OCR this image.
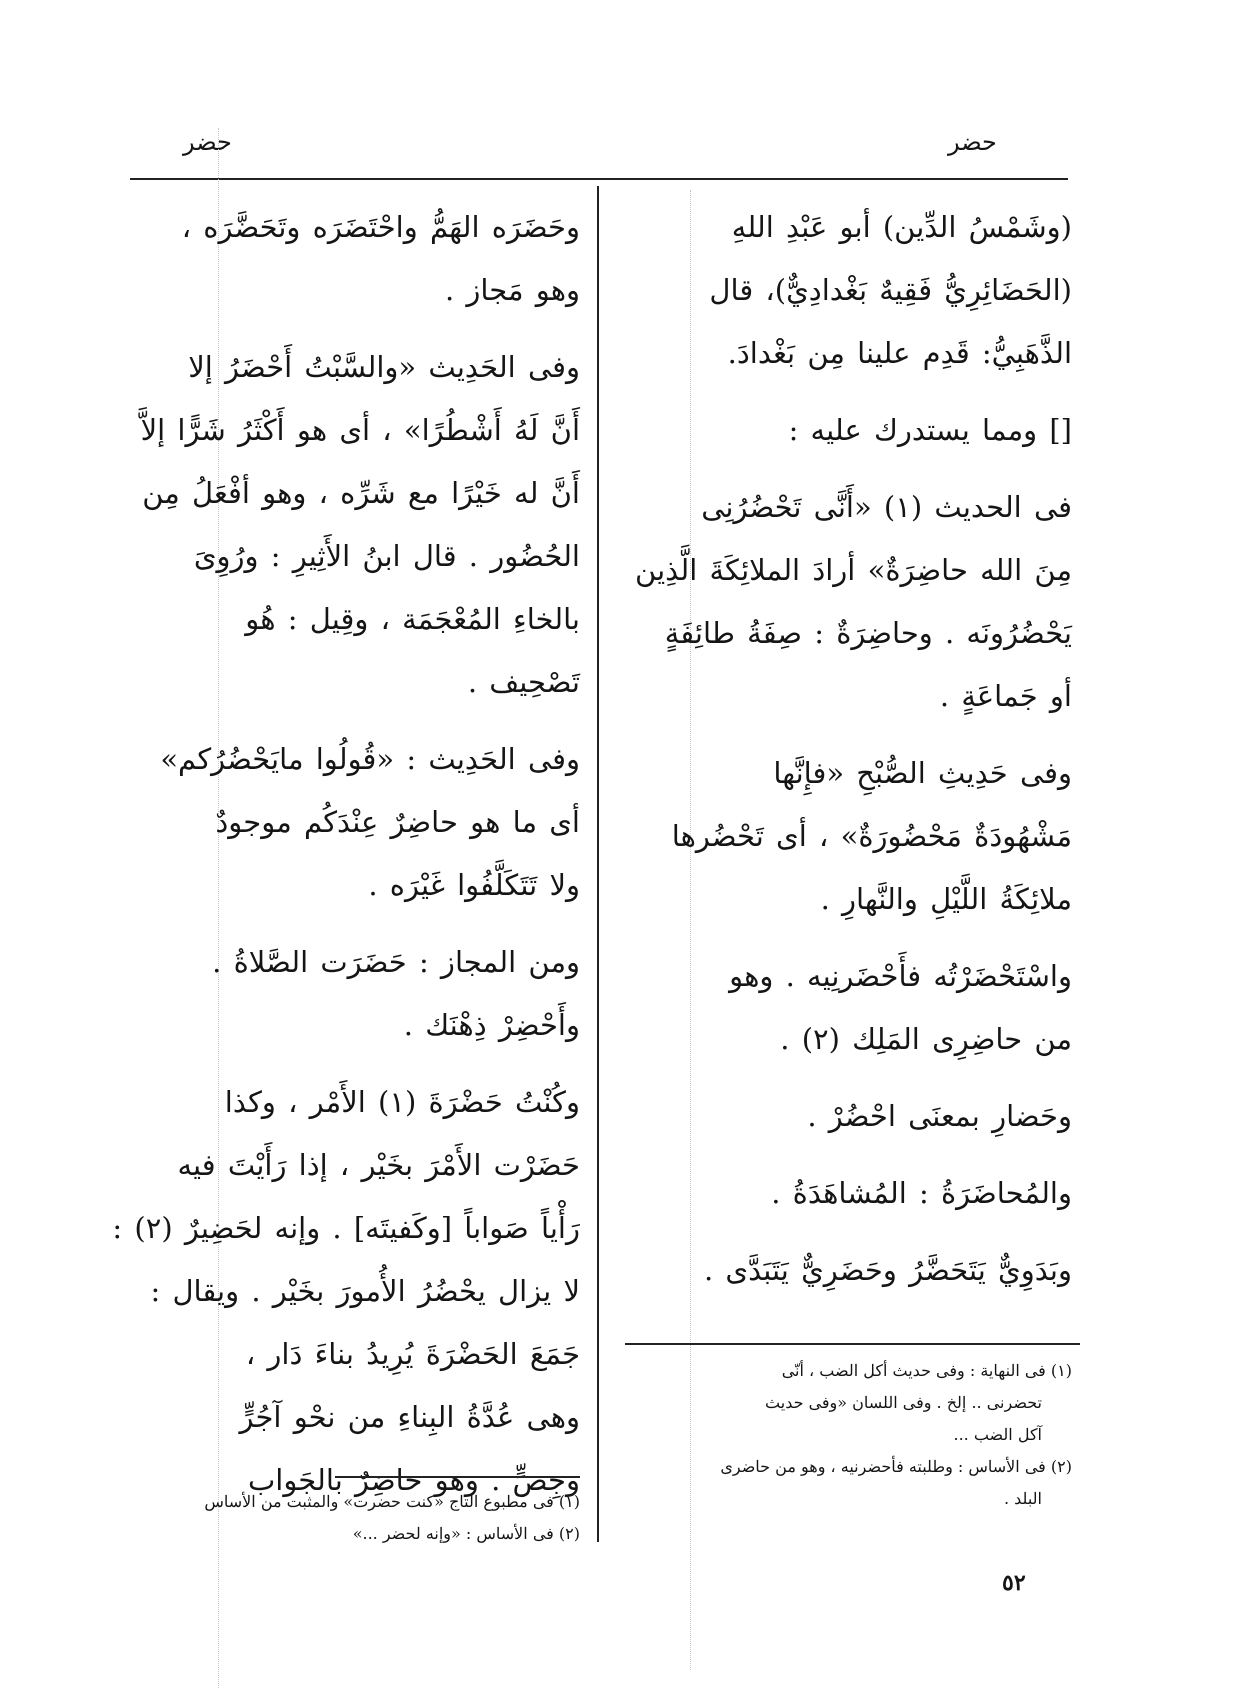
حضر
حضر
(وشَمْسُ الدِّين) أبو عَبْدِ اللهِ
(الحَضَائِرِيُّ فَقِيهٌ بَغْدادِيٌّ)، قال
الذَّهَبِيُّ: قَدِم علينا مِن بَغْدادَ.
[] ومما يستدرك عليه :
فى الحديث (١) «أَنَّى تَحْضُرُنِى
مِنَ الله حاضِرَةٌ» أرادَ الملائِكَةَ الَّذِين
يَحْضُرُونَه . وحاضِرَةٌ : صِفَةُ طائِفَةٍ
أو جَماعَةٍ .
وفى حَدِيثِ الصُّبْحِ «فإِنَّها
مَشْهُودَةٌ مَحْضُورَةٌ» ، أى تَحْضُرها
ملائِكَةُ اللَّيْلِ والنَّهارِ .
واسْتَحْضَرْتُه فأَحْضَرنِيه . وهو
من حاضِرِى المَلِك (٢) .
وحَضارِ بمعنَى احْضُرْ .
والمُحاضَرَةُ : المُشاهَدَةُ .
وبَدَوِيٌّ يَتَحَضَّرُ وحَضَرِيٌّ يَتَبَدَّى .
وحَضَرَه الهَمُّ واحْتَضَرَه وتَحَضَّرَه ،
وهو مَجاز .
وفى الحَدِيث «والسَّبْتُ أَحْضَرُ إلا
أَنَّ لَهُ أَشْطُرًا» ، أى هو أَكْثَرُ شَرًّا إلاَّ
أَنَّ له خَيْرًا مع شَرِّه ، وهو أفْعَلُ مِن
الحُضُور . قال ابنُ الأَثِيرِ : ورُوِىَ
بالخاءِ المُعْجَمَة ، وقِيل : هُو
تَصْحِيف .
وفى الحَدِيث : «قُولُوا مايَحْضُرُكم»
أى ما هو حاضِرٌ عِنْدَكُم موجودٌ
ولا تَتَكَلَّفُوا غَيْرَه .
ومن المجاز : حَضَرَت الصَّلاةُ .
وأَحْضِرْ ذِهْنَك .
وكُنْتُ حَضْرَةَ (١) الأَمْر ، وكذا
حَضَرْت الأَمْرَ بخَيْر ، إذا رَأَيْتَ فيه
رَأْياً صَواباً [وكَفيتَه] . وإنه لحَضِيرٌ (٢) :
لا يزال يحْضُرُ الأُمورَ بخَيْر . ويقال :
جَمَعَ الحَضْرَةَ يُرِيدُ بناءَ دَار ،
وهى عُدَّةُ البِناءِ من نحْو آجُرٍّ
وجِصٍّ . وهو حاضِرٌ بالجَواب

(١) فى النهاية : وفى حديث أكل الضب ، أنّى

تحضرنى .. إلخ . وفى اللسان «وفى حديث

آكل الضب ...

(٢) فى الأساس : وطلبته فأحضرنيه ، وهو من حاضرى

البلد .

(١) فى مطبوع التاج «كنت حضرت» والمثبت من الأساس

(٢) فى الأساس : «وإنه لحضر ...»

٥٢
